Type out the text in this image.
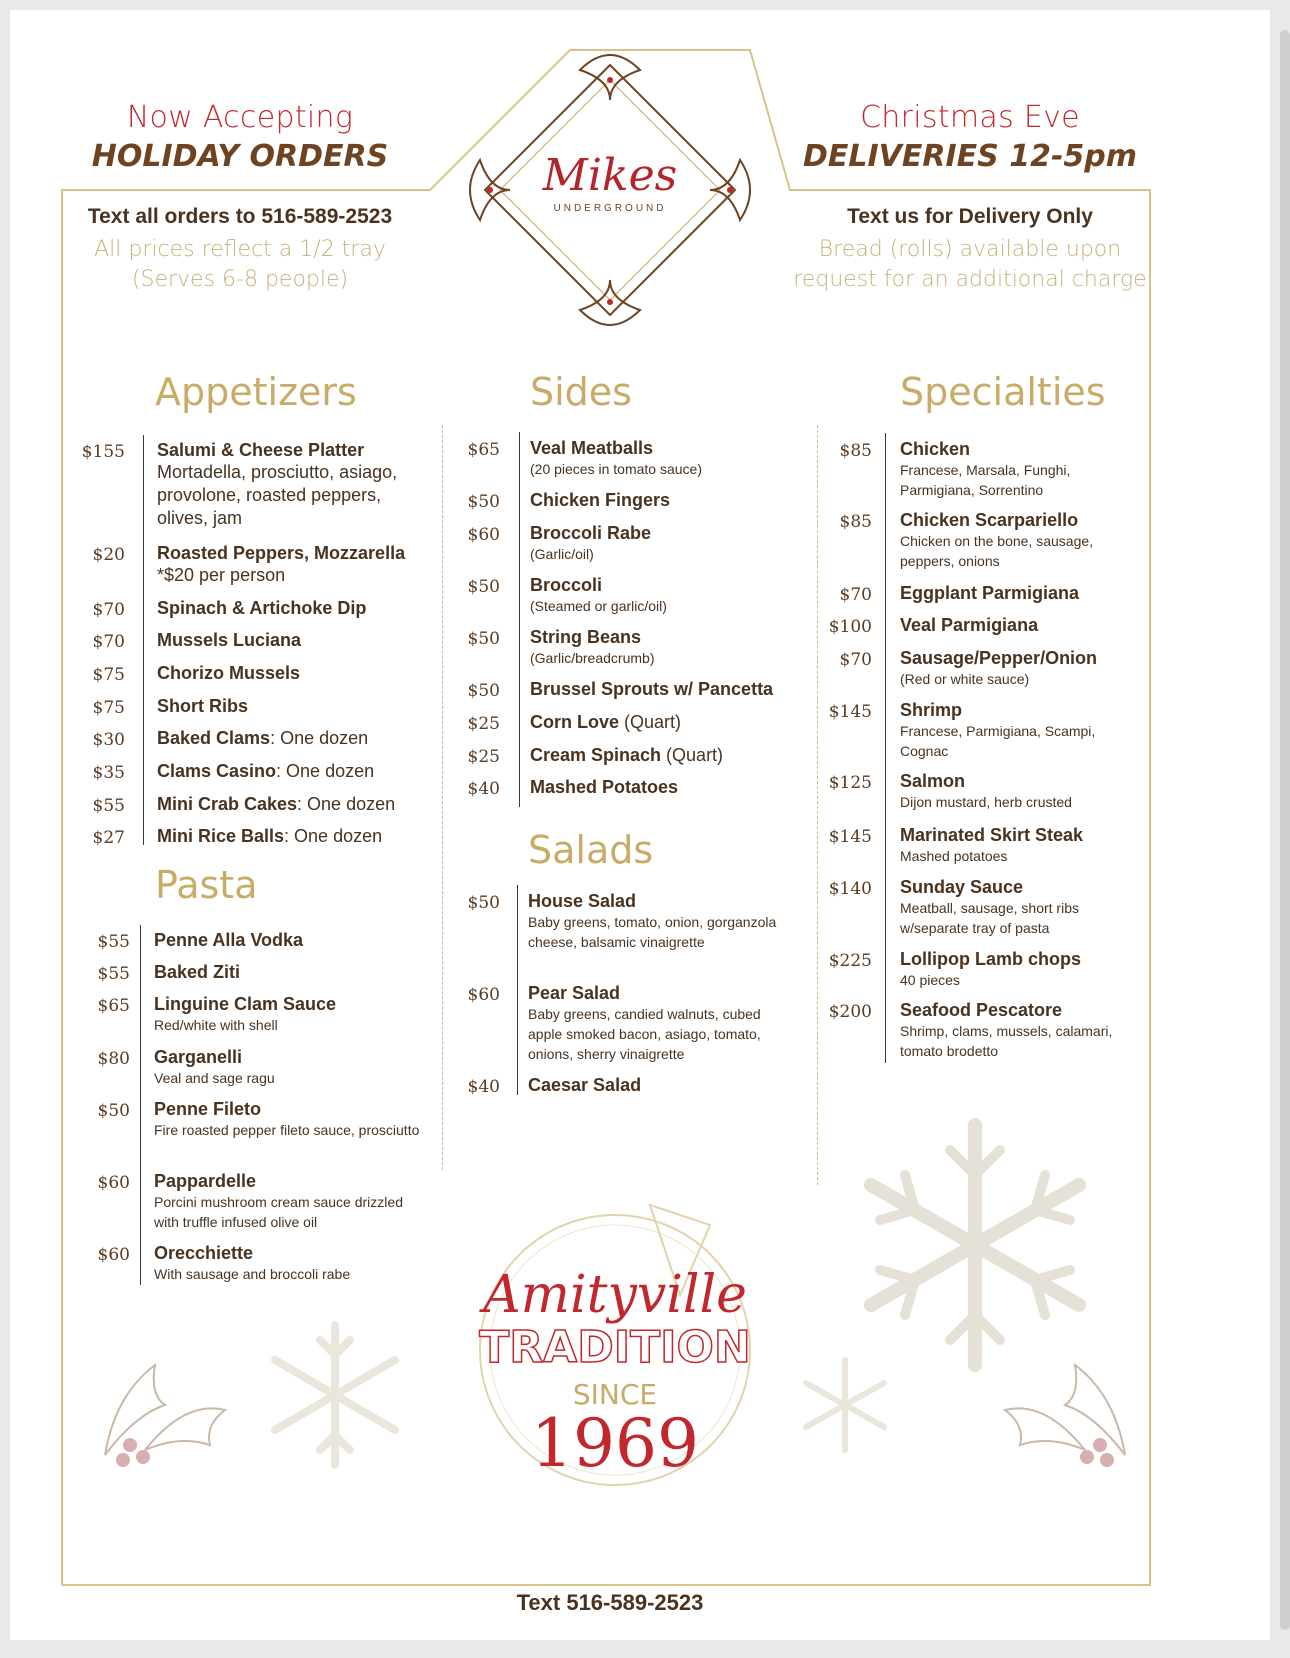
Now Accepting
HOLIDAY ORDERS
Christmas Eve
DELIVERIES 12-5pm
Mikes
UNDERGROUND
Text all orders to 516-589-2523
All prices reflect a 1/2 tray
(Serves 6-8 people)
Text us for Delivery Only
Bread (rolls) available upon
request for an additional charge
Appetizers	Sides	Specialties
Pasta
Salads
$155 Salumi & Cheese Platter
Mortadella, prosciutto, asiago, provolone, roasted peppers, olives, jam
$20 Roasted Peppers, Mozzarella
*$20 per person
$70 Spinach & Artichoke Dip
$70 Mussels Luciana
$75 Chorizo Mussels
$75 Short Ribs
$30 Baked Clams: One dozen
$35 Clams Casino: One dozen
$55 Mini Crab Cakes: One dozen
$27 Mini Rice Balls: One dozen
$55 Penne Alla Vodka
$55 Baked Ziti
$65 Linguine Clam Sauce
Red/white with shell
$80 Garganelli
Veal and sage ragu
$50 Penne Fileto
Fire roasted pepper fileto sauce, prosciutto
$60 Pappardelle
Porcini mushroom cream sauce drizzled with truffle infused olive oil
$60 Orecchiette
With sausage and broccoli rabe
$65 Veal Meatballs
(20 pieces in tomato sauce)
$50 Chicken Fingers
$60 Broccoli Rabe
(Garlic/oil)
$50 Broccoli
(Steamed or garlic/oil)
$50 String Beans
(Garlic/breadcrumb)
$50 Brussel Sprouts w/ Pancetta
$25 Corn Love (Quart)
$25 Cream Spinach (Quart)
$40 Mashed Potatoes
$50 House Salad
Baby greens, tomato, onion, gorganzola cheese, balsamic vinaigrette
$60 Pear Salad
Baby greens, candied walnuts, cubed apple smoked bacon, asiago, tomato, onions, sherry vinaigrette
$40 Caesar Salad
$85 Chicken
Francese, Marsala, Funghi, Parmigiana, Sorrentino
$85 Chicken Scarpariello
Chicken on the bone, sausage, peppers, onions
$70 Eggplant Parmigiana
$100 Veal Parmigiana
$70 Sausage/Pepper/Onion
(Red or white sauce)
$145 Shrimp
Francese, Parmigiana, Scampi, Cognac
$125 Salmon
Dijon mustard, herb crusted
$145 Marinated Skirt Steak
Mashed potatoes
$140 Sunday Sauce
Meatball, sausage, short ribs w/separate tray of pasta
$225 Lollipop Lamb chops
40 pieces
$200 Seafood Pescatore
Shrimp, clams, mussels, calamari, tomato brodetto
Amityville
TRADITION
SINCE
1969
Text 516-589-2523
